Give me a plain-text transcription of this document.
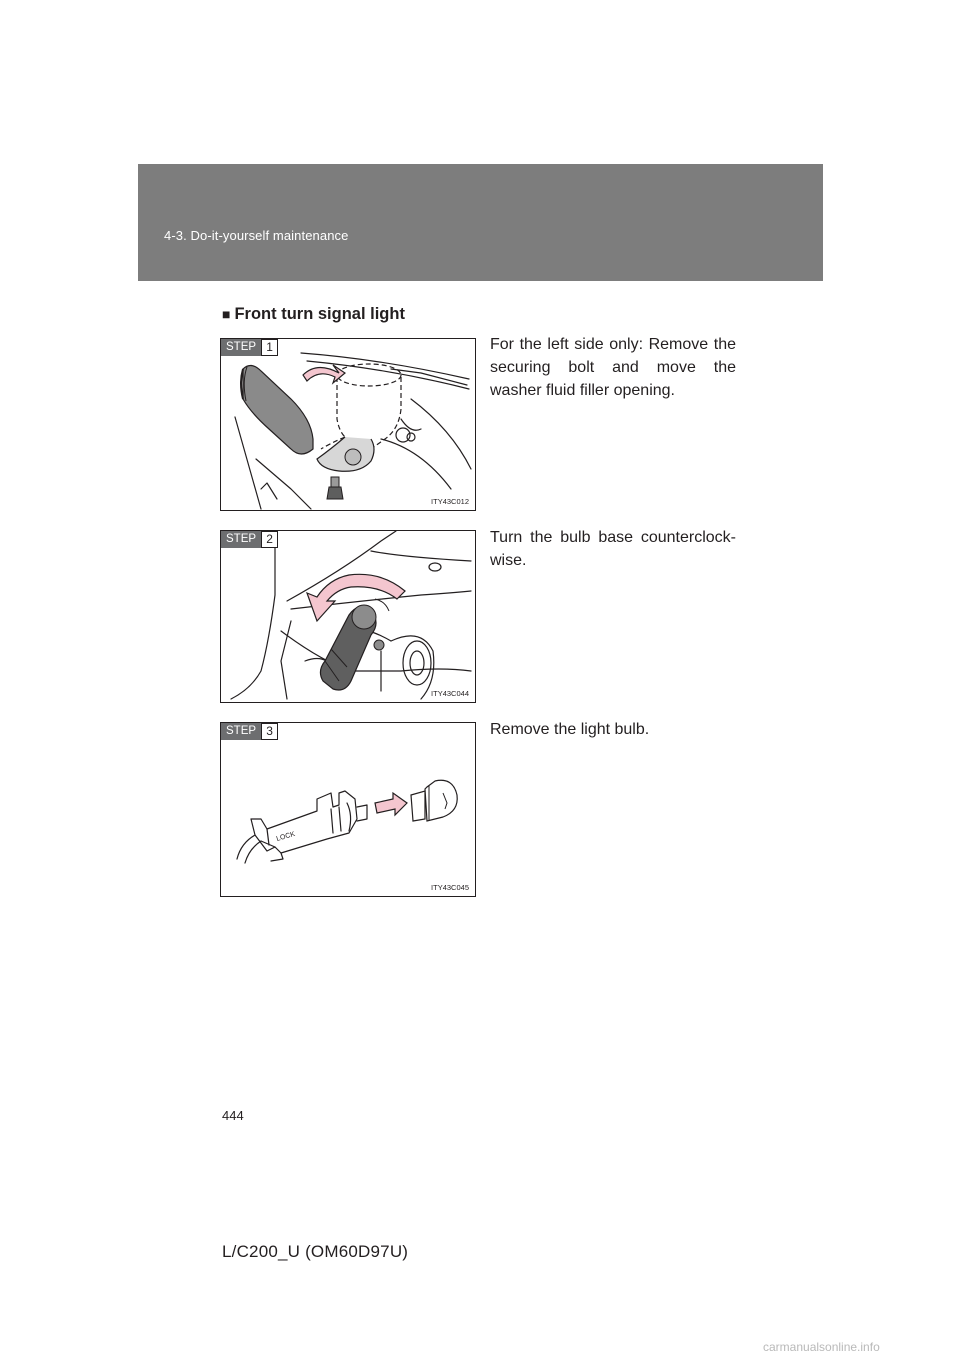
4-3. Do-it-yourself maintenance
■ Front turn signal light
STEP 1
ITY43C012
For the left side only: Remove the securing bolt and move the washer fluid filler opening.
STEP 2
ITY43C044
Turn the bulb base counterclock-wise.
STEP 3
LOCK
ITY43C045
Remove the light bulb.
444
L/C200_U (OM60D97U)
carmanualsonline.info
